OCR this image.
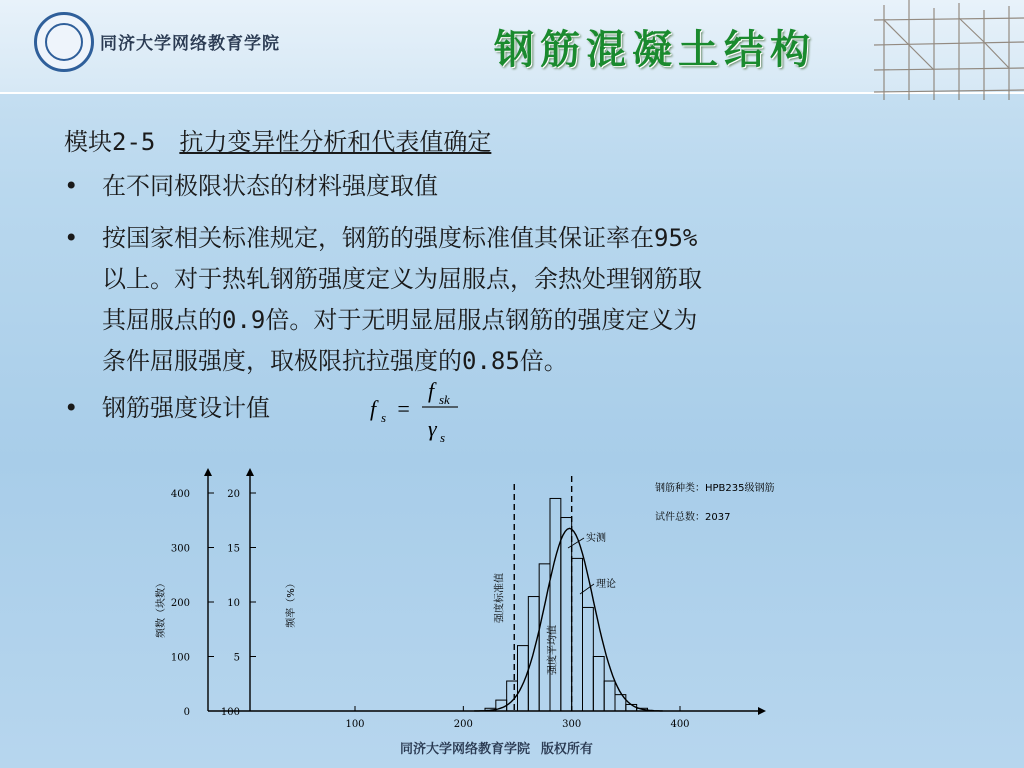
同济大学网络教育学院	钢筋混凝土结构
模块2-5 抗力变异性分析和代表值确定
• 在不同极限状态的材料强度取值
• 按国家相关标准规定，钢筋的强度标准值其保证率在95%
以上。对于热轧钢筋强度定义为屈服点，余热处理钢筋取
其屈服点的0.9倍。对于无明显屈服点钢筋的强度定义为
条件屈服强度，取极限抗拉强度的0.85倍。
• 钢筋强度设计值	f s =
f sk
γ s
0
100
200
300
400
100
5
10
15
20
100	200	300	400
频数（块数）	频率（%）	强度标准值
强度平均值
实测
理论
钢筋种类：HPB235级钢筋
试件总数：2037
同济大学网络教育学院   版权所有
